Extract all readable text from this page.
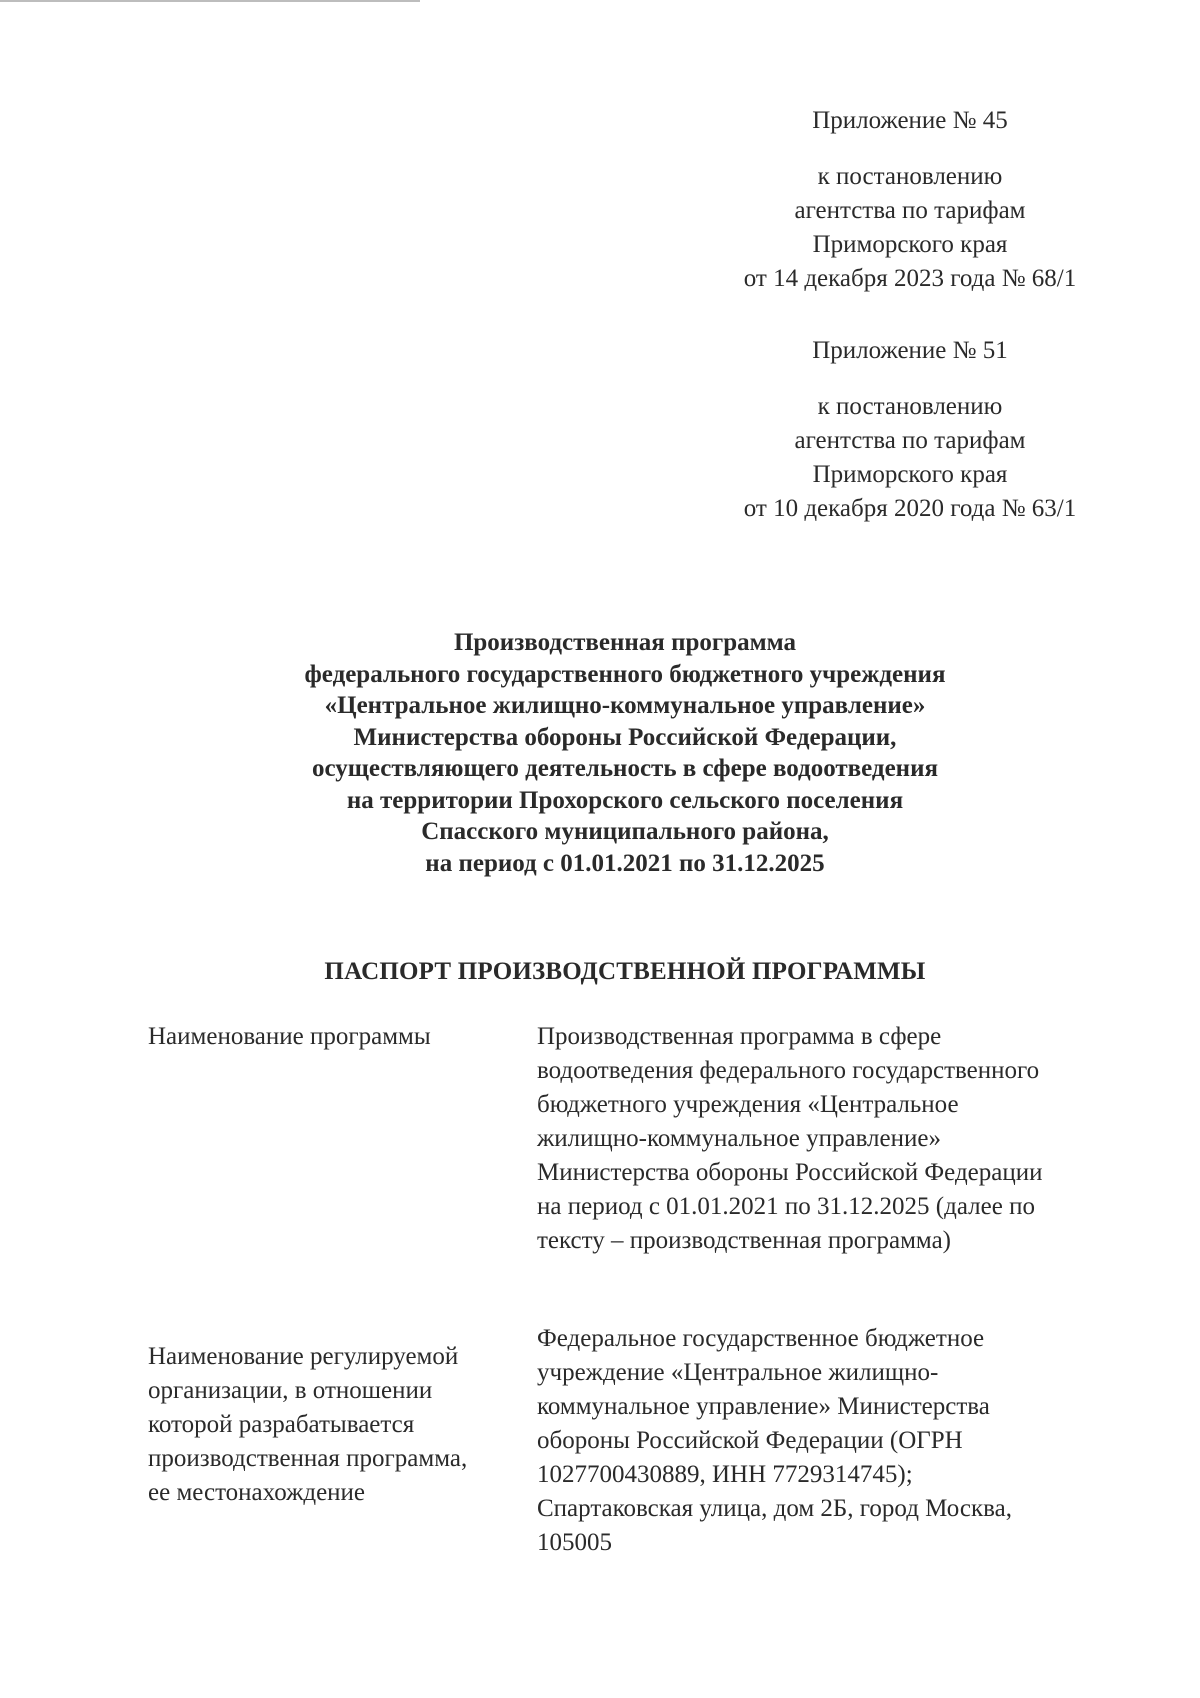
Приложение № 45
к постановлению
агентства по тарифам
Приморского края
от 14 декабря 2023 года № 68/1
Приложение № 51
к постановлению
агентства по тарифам
Приморского края
от 10 декабря 2020 года № 63/1
Производственная программа
федерального государственного бюджетного учреждения
«Центральное жилищно-коммунальное управление»
Министерства обороны Российской Федерации,
осуществляющего деятельность в сфере водоотведения
на территории Прохорского сельского поселения
Спасского муниципального района,
на период с 01.01.2021 по 31.12.2025
ПАСПОРТ ПРОИЗВОДСТВЕННОЙ ПРОГРАММЫ
Наименование программы	Производственная программа в сфере
водоотведения федерального государственного
бюджетного учреждения «Центральное
жилищно-коммунальное управление»
Министерства обороны Российской Федерации
на период с 01.01.2021 по 31.12.2025 (далее по
тексту – производственная программа)
Наименование регулируемой
организации, в отношении
которой разрабатывается
производственная программа,
ее местонахождение
Федеральное государственное бюджетное
учреждение «Центральное жилищно-
коммунальное управление» Министерства
обороны Российской Федерации (ОГРН
1027700430889, ИНН 7729314745);
Спартаковская улица, дом 2Б, город Москва,
105005
